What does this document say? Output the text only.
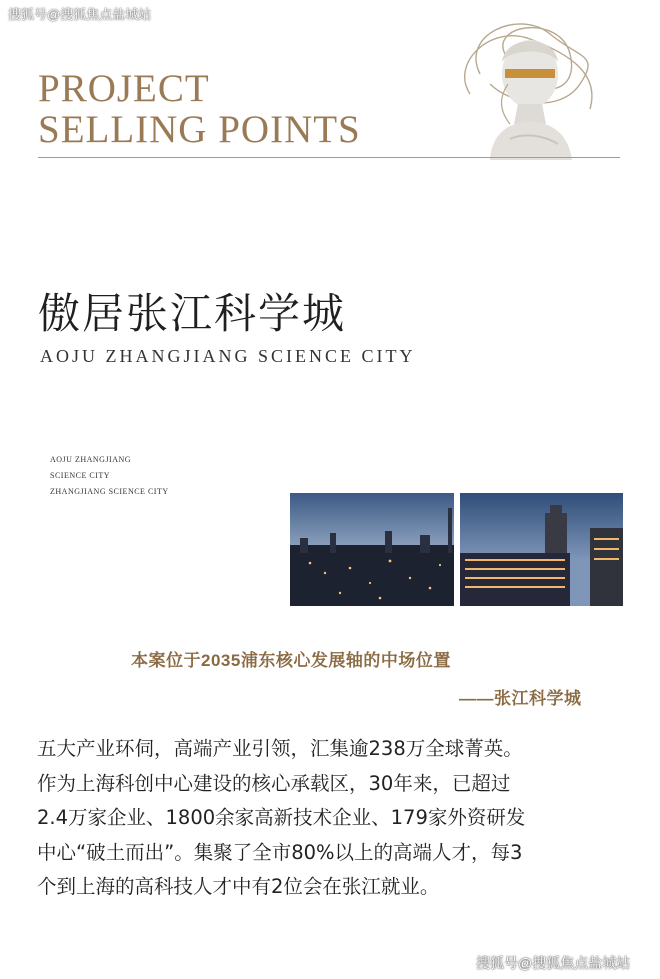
搜狐号@搜狐焦点盐城站
PROJECT
SELLING POINTS
傲居张江科学城
AOJU ZHANGJIANG SCIENCE CITY
AOJU ZHANGJIANG
SCIENCE CITY
ZHANGJIANG SCIENCE CITY
本案位于2035浦东核心发展轴的中场位置
——张江科学城
五大产业环伺，高端产业引领，汇集逾238万全球菁英。
作为上海科创中心建设的核心承载区，30年来，已超过
2.4万家企业、1800余家高新技术企业、179家外资研发
中心“破土而出”。集聚了全市80%以上的高端人才，每3
个到上海的高科技人才中有2位会在张江就业。
搜狐号@搜狐焦点盐城站
